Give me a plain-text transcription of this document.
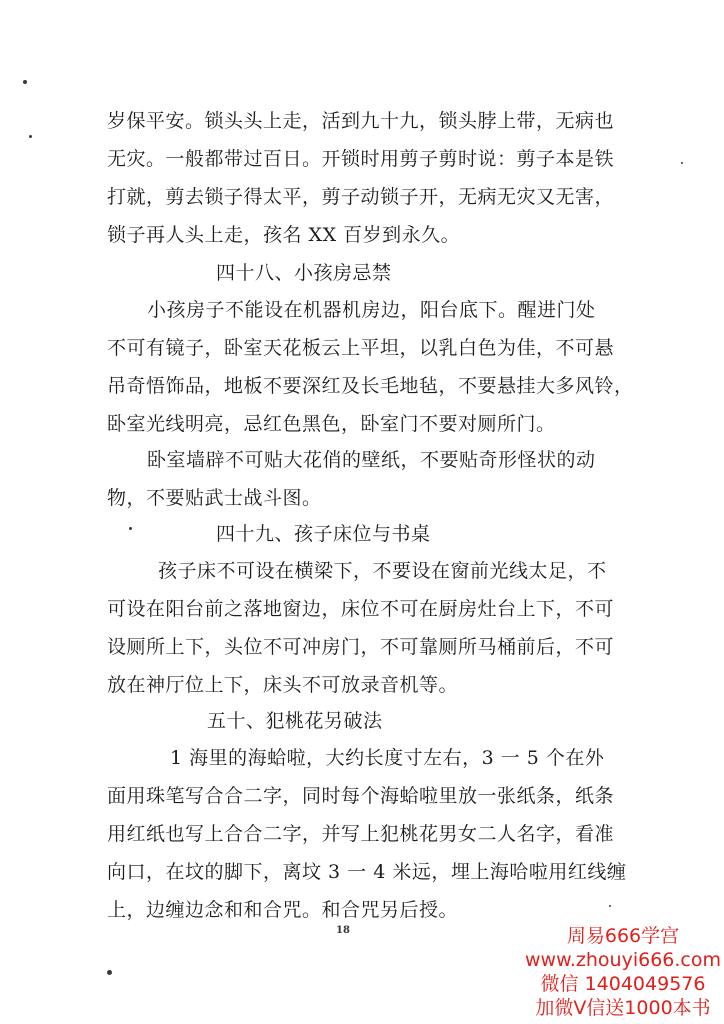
岁保平安。锁头头上走，活到九十九，锁头脖上带，无病也
无灾。一般都带过百日。开锁时用剪子剪时说：剪子本是铁
打就，剪去锁子得太平，剪子动锁子开，无病无灾又无害，
锁子再人头上走，孩名 XX 百岁到永久。
四十八、小孩房忌禁
小孩房子不能设在机器机房边，阳台底下。醒进门处
不可有镜子，卧室天花板云上平坦，以乳白色为佳，不可悬
吊奇悟饰品，地板不要深红及长毛地毡，不要悬挂大多风铃，
卧室光线明亮，忌红色黑色，卧室门不要对厕所门。
卧室墙辟不可贴大花俏的壁纸，不要贴奇形怪状的动
物，不要贴武士战斗图。
四十九、孩子床位与书桌
孩子床不可设在横梁下，不要设在窗前光线太足，不
可设在阳台前之落地窗边，床位不可在厨房灶台上下，不可
设厕所上下，头位不可冲房门，不可靠厕所马桶前后，不可
放在神厅位上下，床头不可放录音机等。
五十、犯桃花另破法
1 海里的海蛤啦，大约长度寸左右，3 一 5 个在外
面用珠笔写合合二字，同时每个海蛤啦里放一张纸条，纸条
用红纸也写上合合二字，并写上犯桃花男女二人名字，看准
向口，在坟的脚下，离坟 3 一 4 米远，埋上海哈啦用红线缠
上，边缠边念和和合咒。和合咒另后授。
18	周易666学宫
www.zhouyi666.com
微信 1404049576
加微V信送1000本书
